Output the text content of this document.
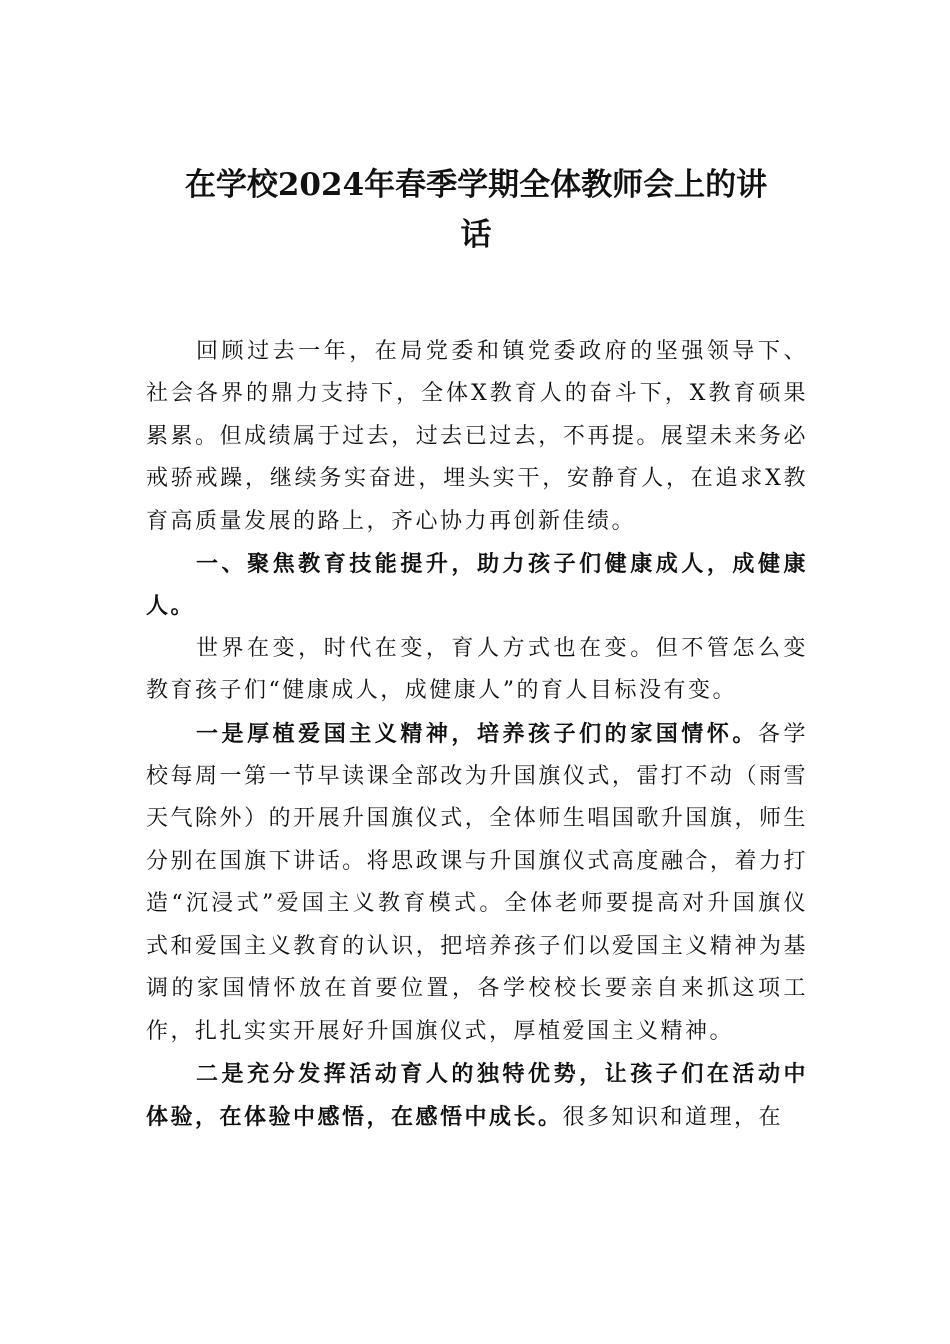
在学校2024年春季学期全体教师会上的讲
话

回顾过去一年，在局党委和镇党委政府的坚强领导下、社会各界的鼎力支持下，全体X教育人的奋斗下，X教育硕果累累。但成绩属于过去，过去已过去，不再提。展望未来务必戒骄戒躁，继续务实奋进，埋头实干，安静育人，在追求X教育高质量发展的路上，齐心协力再创新佳绩。

一、聚焦教育技能提升，助力孩子们健康成人，成健康人。

世界在变，时代在变，育人方式也在变。但不管怎么变教育孩子们“健康成人，成健康人”的育人目标没有变。

一是厚植爱国主义精神，培养孩子们的家国情怀。各学校每周一第一节早读课全部改为升国旗仪式，雷打不动（雨雪天气除外）的开展升国旗仪式，全体师生唱国歌升国旗，师生分别在国旗下讲话。将思政课与升国旗仪式高度融合，着力打造“沉浸式”爱国主义教育模式。全体老师要提高对升国旗仪式和爱国主义教育的认识，把培养孩子们以爱国主义精神为基调的家国情怀放在首要位置，各学校校长要亲自来抓这项工作，扎扎实实开展好升国旗仪式，厚植爱国主义精神。

二是充分发挥活动育人的独特优势，让孩子们在活动中体验，在体验中感悟，在感悟中成长。很多知识和道理，在
